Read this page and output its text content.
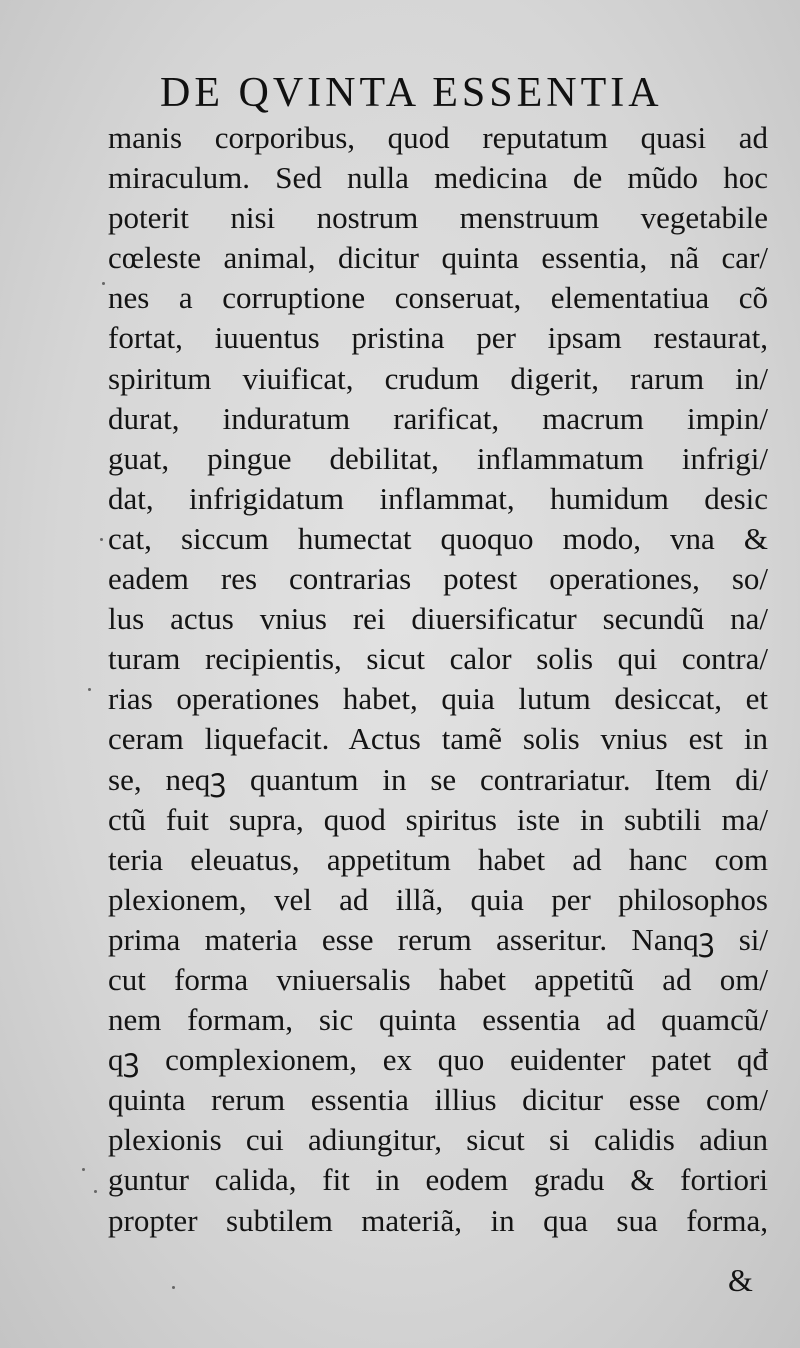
DE QVINTA ESSENTIA
manis corporibus, quod reputatum quasi ad
miraculum. Sed nulla medicina de mũdo hoc
poterit nisi nostrum menstruum vegetabile
cœleste animal, dicitur quinta essentia, nã car/
nes a corruptione conseruat, elementatiua cõ
fortat, iuuentus pristina per ipsam restaurat,
spiritum viuificat, crudum digerit, rarum in/
durat, induratum rarificat, macrum impin/
guat, pingue debilitat, inflammatum infrigi/
dat, infrigidatum inflammat, humidum desic
cat, siccum humectat quoquo modo, vna &
eadem res contrarias potest operationes, so/
lus actus vnius rei diuersificatur secundũ na/
turam recipientis, sicut calor solis qui contra/
rias operationes habet, quia lutum desiccat, et
ceram liquefacit. Actus tamẽ solis vnius est in
se, neqꝫ quantum in se contrariatur. Item di/
ctũ fuit supra, quod spiritus iste in subtili ma/
teria eleuatus, appetitum habet ad hanc com
plexionem, vel ad illã, quia per philosophos
prima materia esse rerum asseritur. Nanqꝫ si/
cut forma vniuersalis habet appetitũ ad om/
nem formam, sic quinta essentia ad quamcũ/
qꝫ complexionem, ex quo euidenter patet qđ
quinta rerum essentia illius dicitur esse com/
plexionis cui adiungitur, sicut si calidis adiun
guntur calida, fit in eodem gradu & fortiori
propter subtilem materiã, in qua sua forma,
&
